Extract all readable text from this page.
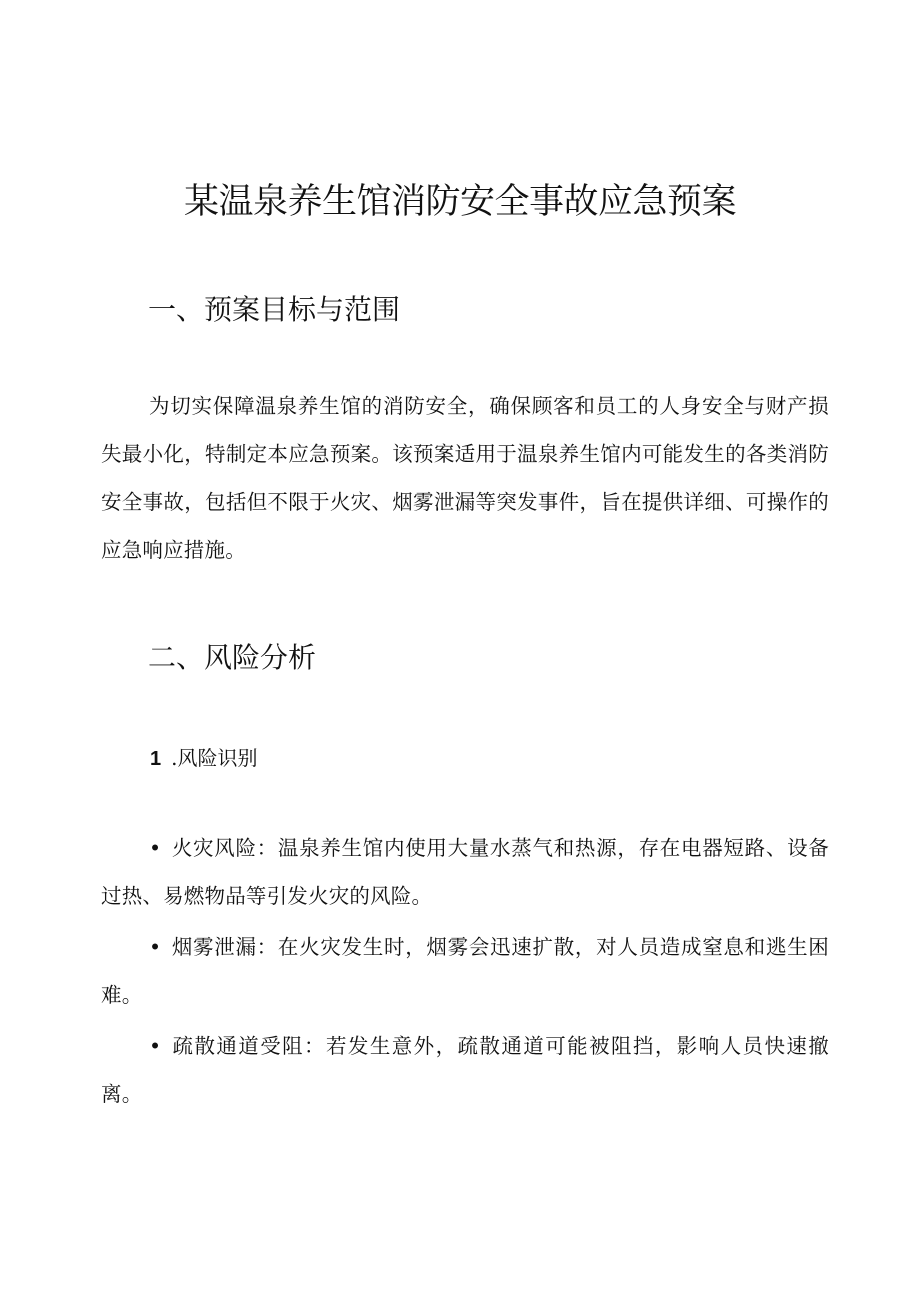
某温泉养生馆消防安全事故应急预案
一、预案目标与范围

为切实保障温泉养生馆的消防安全，确保顾客和员工的人身安全与财产损失最小化，特制定本应急预案。该预案适用于温泉养生馆内可能发生的各类消防安全事故，包括但不限于火灾、烟雾泄漏等突发事件，旨在提供详细、可操作的应急响应措施。

二、风险分析

1 .风险识别

• 火灾风险：温泉养生馆内使用大量水蒸气和热源，存在电器短路、设备过热、易燃物品等引发火灾的风险。
• 烟雾泄漏：在火灾发生时，烟雾会迅速扩散，对人员造成窒息和逃生困难。
• 疏散通道受阻：若发生意外，疏散通道可能被阻挡，影响人员快速撤离。
